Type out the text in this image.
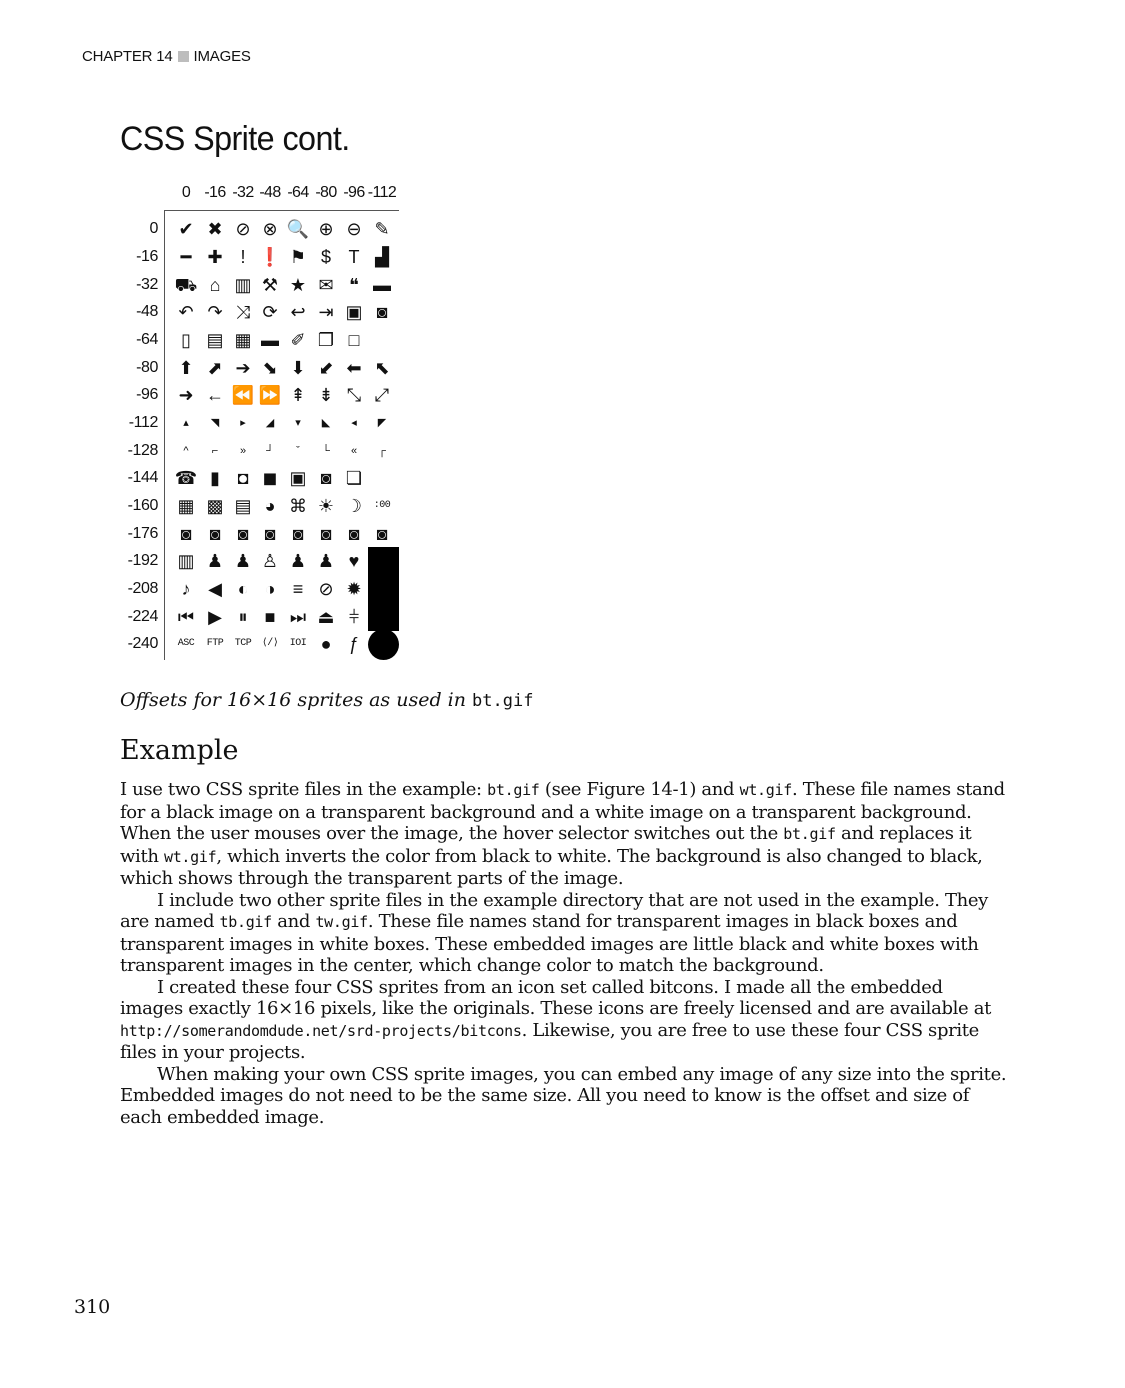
CHAPTER 14 IMAGES
CSS Sprite cont.
0 -16 -32 -48 -64 -80 -96 -112
0
-16
-32
-48
-64
-80
-96
-112
-128
-144
-160
-176
-192
-208
-224
-240
✔ ✖ ⊘ ⊗ 🔍 ⊕ ⊖ ✎
━ ✚ ! ❗ ⚑ $ T ▟
⛟ ⌂ ▥ ⚒ ★ ✉ ❝ ▬
↶ ↷ ⤨ ⟳ ↩ ⇥ ▣ ◙
▯ ▤ ▦ ▬ ✐ ❐ □
⬆ ⬈ ➔ ⬊ ⬇ ⬋ ⬅ ⬉
➜ ← ⏪ ⏩ ⇞ ⇟ ⤡ ⤢
▴	◥	▸	◢	▾	◣	◂	◤
^	⌐	»	┘	ˇ	└	«	┌
☎ ▮ ◘ ◼ ▣ ◙ ❏
▦ ▩ ▤ ◕ ⌘ ☀ ☽	:00
◙	◙ ◙ ◙ ◙ ◙ ◙ ◙
▥ ♟ ♟ ♙ ♟ ♟ ♥
♪ ◀ ◐ ◑ ≡ ⊘ ✹
⏮ ▶ ⏸ ■ ⏭ ⏏ ⫩
ASC	FTP	TCP	⟨/⟩	IOI ● ƒ
Offsets for 16×16 sprites as used in bt.gif
Example

I use two CSS sprite files in the example: bt.gif (see Figure 14-1) and wt.gif. These file names stand for a black image on a transparent background and a white image on a transparent background. When the user mouses over the image, the hover selector switches out the bt.gif and replaces it with wt.gif, which inverts the color from black to white. The background is also changed to black, which shows through the transparent parts of the image.

I include two other sprite files in the example directory that are not used in the example. They are named tb.gif and tw.gif. These file names stand for transparent images in black boxes and transparent images in white boxes. These embedded images are little black and white boxes with transparent images in the center, which change color to match the background.

I created these four CSS sprites from an icon set called bitcons. I made all the embedded images exactly 16×16 pixels, like the originals. These icons are freely licensed and are available at http://somerandomdude.net/srd-projects/bitcons. Likewise, you are free to use these four CSS sprite files in your projects.

When making your own CSS sprite images, you can embed any image of any size into the sprite. Embedded images do not need to be the same size. All you need to know is the offset and size of each embedded image.

310
